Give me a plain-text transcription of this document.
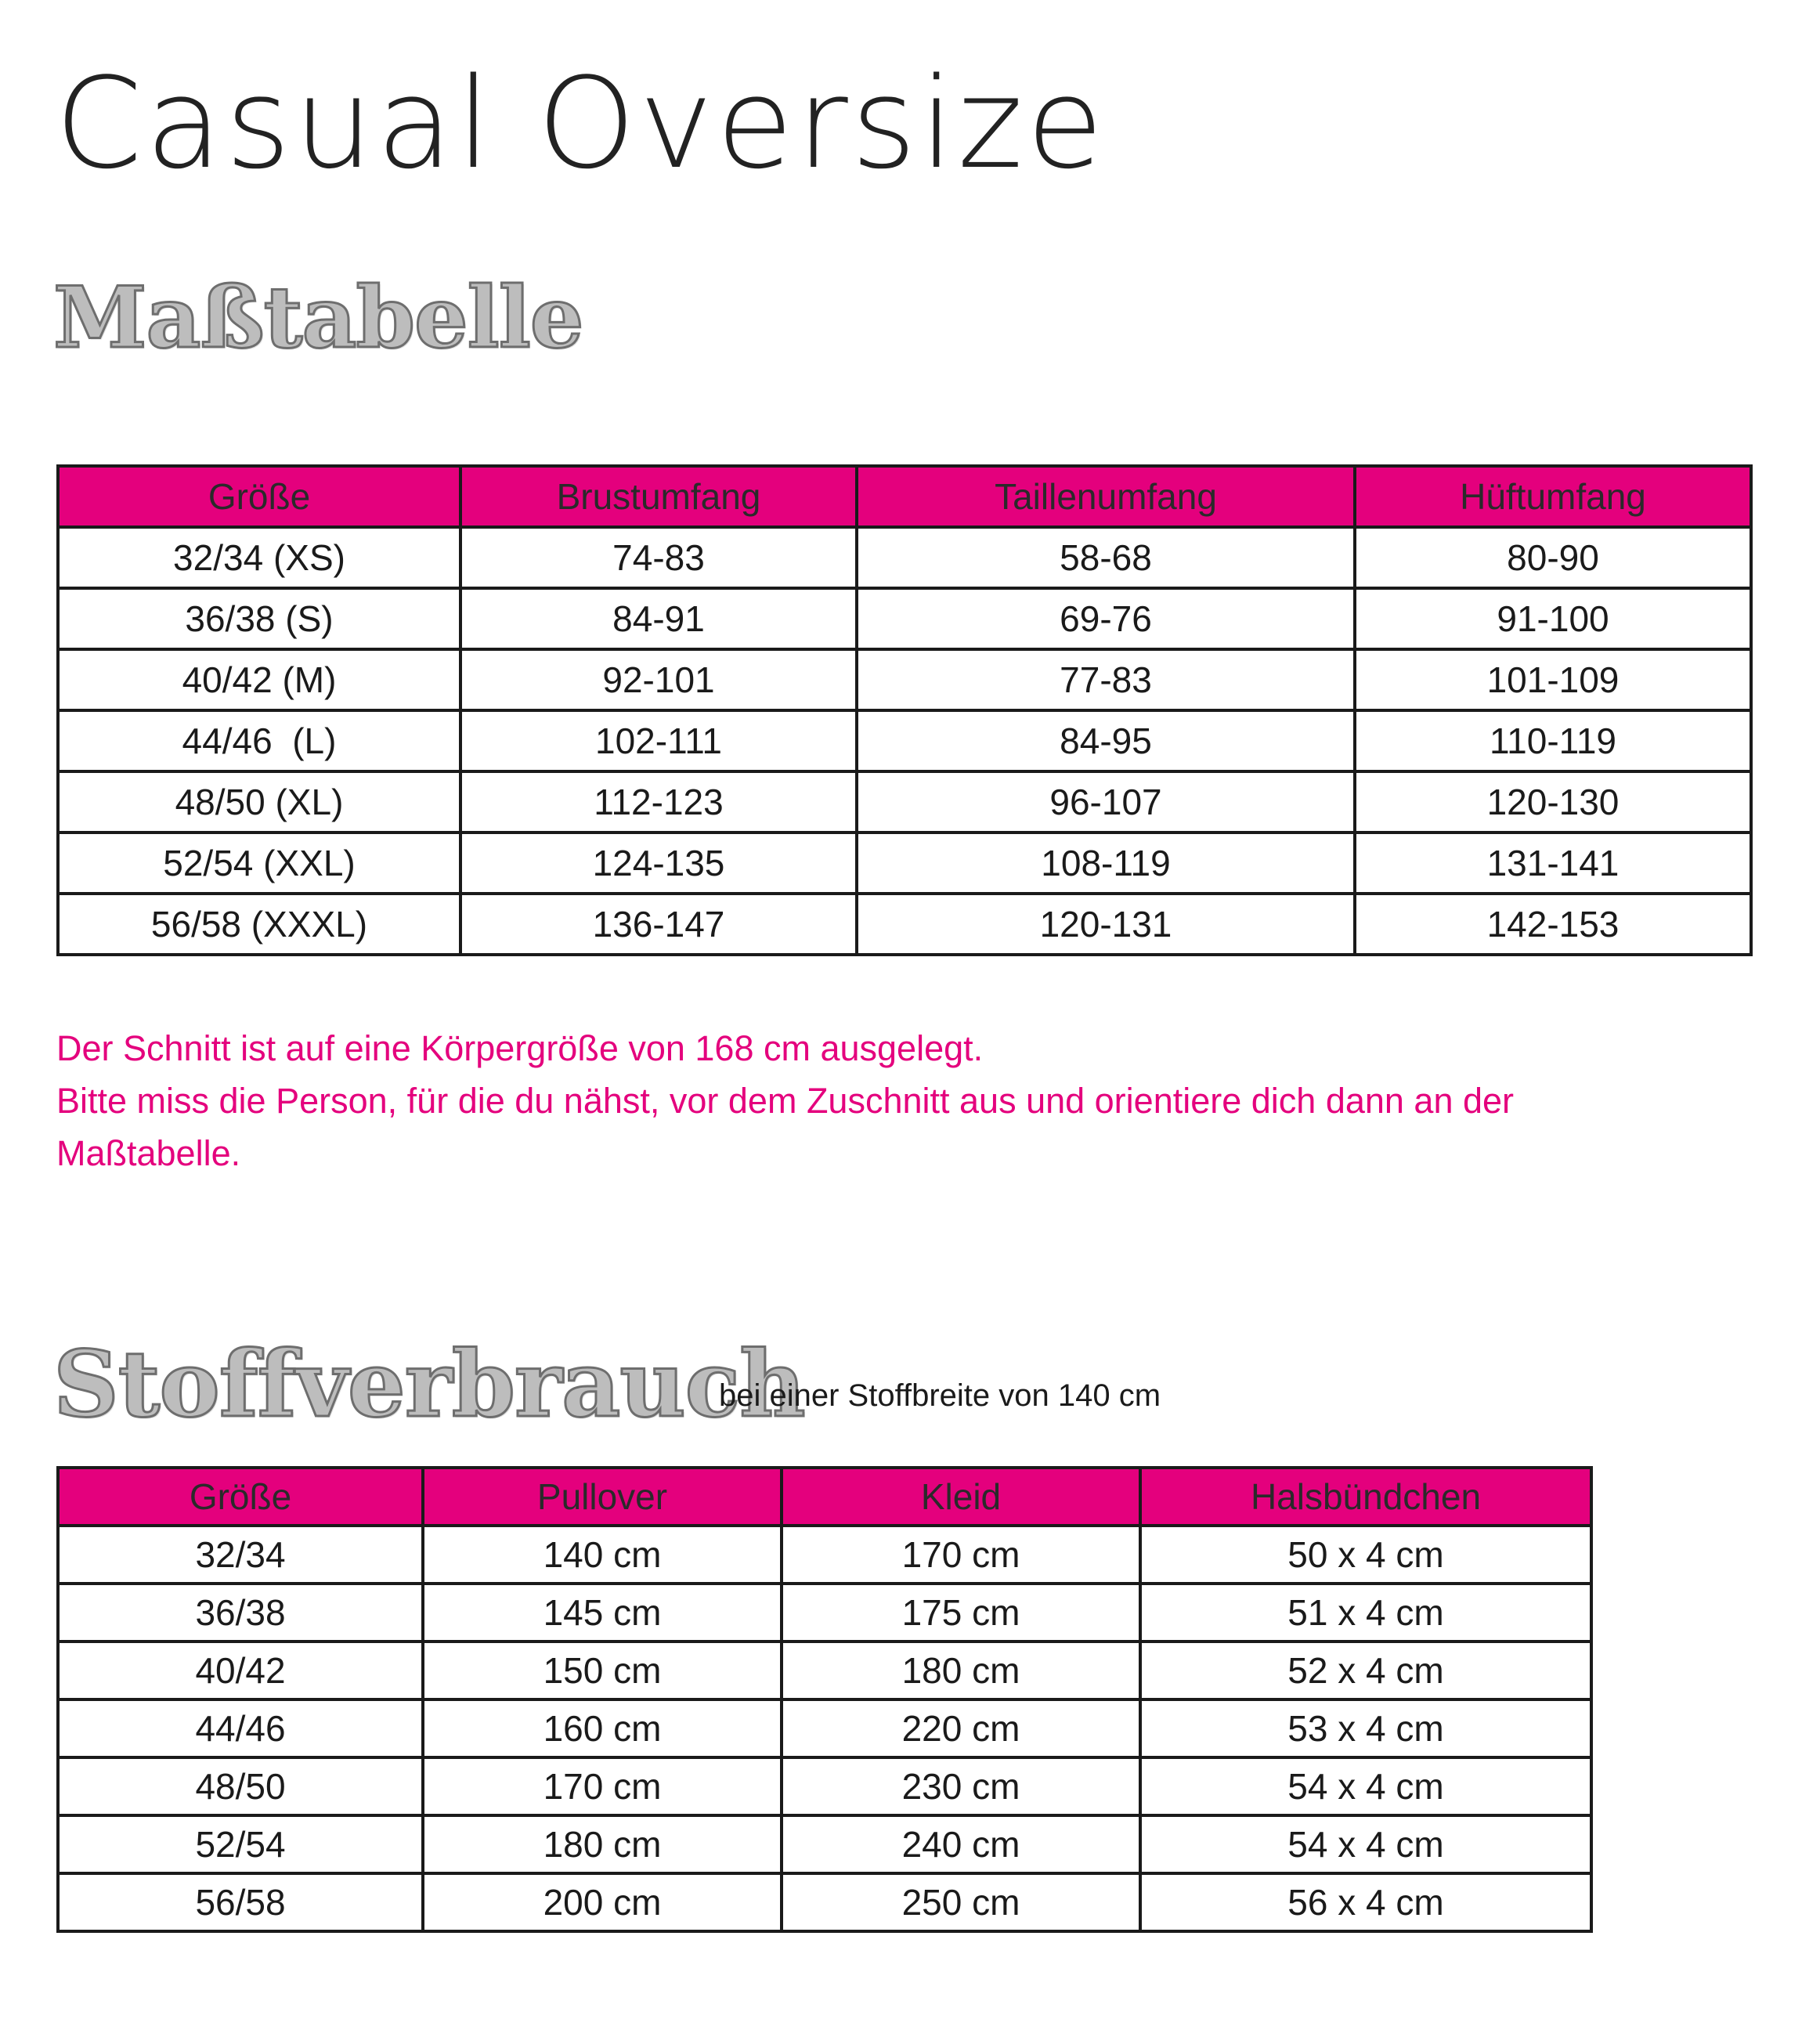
Casual Oversize
Maßtabelle
Größe	Brustumfang	Taillenumfang	Hüftumfang
32/34 (XS)	74-83	58-68	80-90
36/38 (S)	84-91	69-76	91-100
40/42 (M)	92-101	77-83	101-109
44/46  (L)	102-111	84-95	110-119
48/50 (XL)	112-123	96-107	120-130
52/54 (XXL)	124-135	108-119	131-141
56/58 (XXXL)	136-147	120-131	142-153
Der Schnitt ist auf eine Körpergröße von 168 cm ausgelegt.
Bitte miss die Person, für die du nähst, vor dem Zuschnitt aus und orientiere dich dann an der
Maßtabelle.
Stoffverbrauch
bei einer Stoffbreite von 140 cm
Größe	Pullover	Kleid	Halsbündchen
32/34	140 cm	170 cm	50 x 4 cm
36/38	145 cm	175 cm	51 x 4 cm
40/42	150 cm	180 cm	52 x 4 cm
44/46	160 cm	220 cm	53 x 4 cm
48/50	170 cm	230 cm	54 x 4 cm
52/54	180 cm	240 cm	54 x 4 cm
56/58	200 cm	250 cm	56 x 4 cm
